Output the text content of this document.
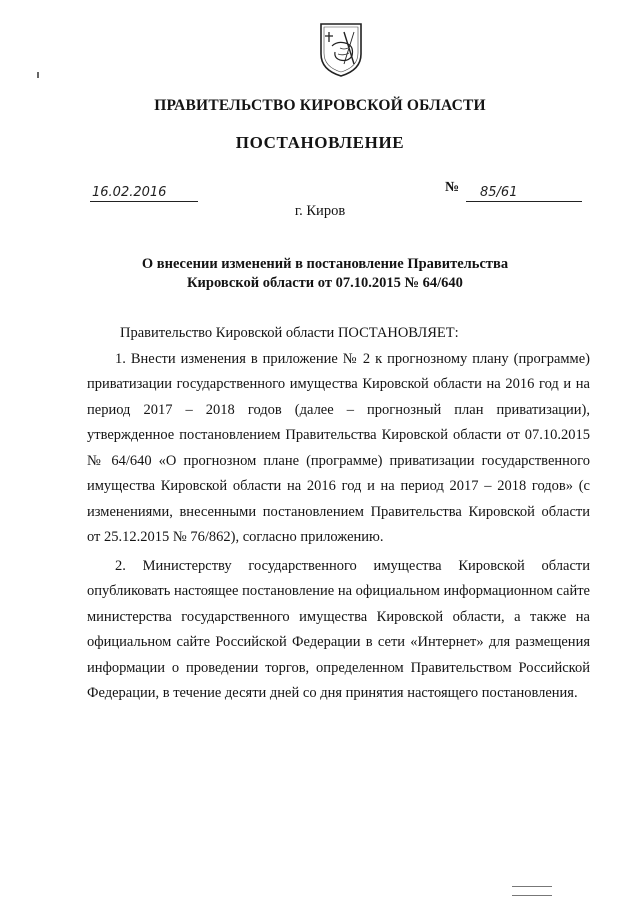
ПРАВИТЕЛЬСТВО КИРОВСКОЙ ОБЛАСТИ
ПОСТАНОВЛЕНИЕ
16.02.2016	№	85/61
г. Киров
О внесении изменений в постановление Правительства
Кировской области от 07.10.2015 № 64/640

Правительство Кировской области ПОСТАНОВЛЯЕТ:

1. Внести изменения в приложение № 2 к прогнозному плану (программе) приватизации государственного имущества Кировской области на 2016 год и на период 2017 – 2018 годов (далее – прогнозный план приватизации), утвержденное постановлением Правительства Кировской области от 07.10.2015 № 64/640 «О прогнозном плане (программе) приватизации государственного имущества Кировской области на 2016 год и на период 2017 – 2018 годов» (с изменениями, внесенными постановлением Правительства Кировской области от 25.12.2015 № 76/862), согласно приложению.

2. Министерству государственного имущества Кировской области опубликовать настоящее постановление на официальном информационном сайте министерства государственного имущества Кировской области, а также на официальном сайте Российской Федерации в сети «Интернет» для размещения информации о проведении торгов, определенном Правительством Российской Федерации, в течение десяти дней со дня принятия настоящего постановления.
